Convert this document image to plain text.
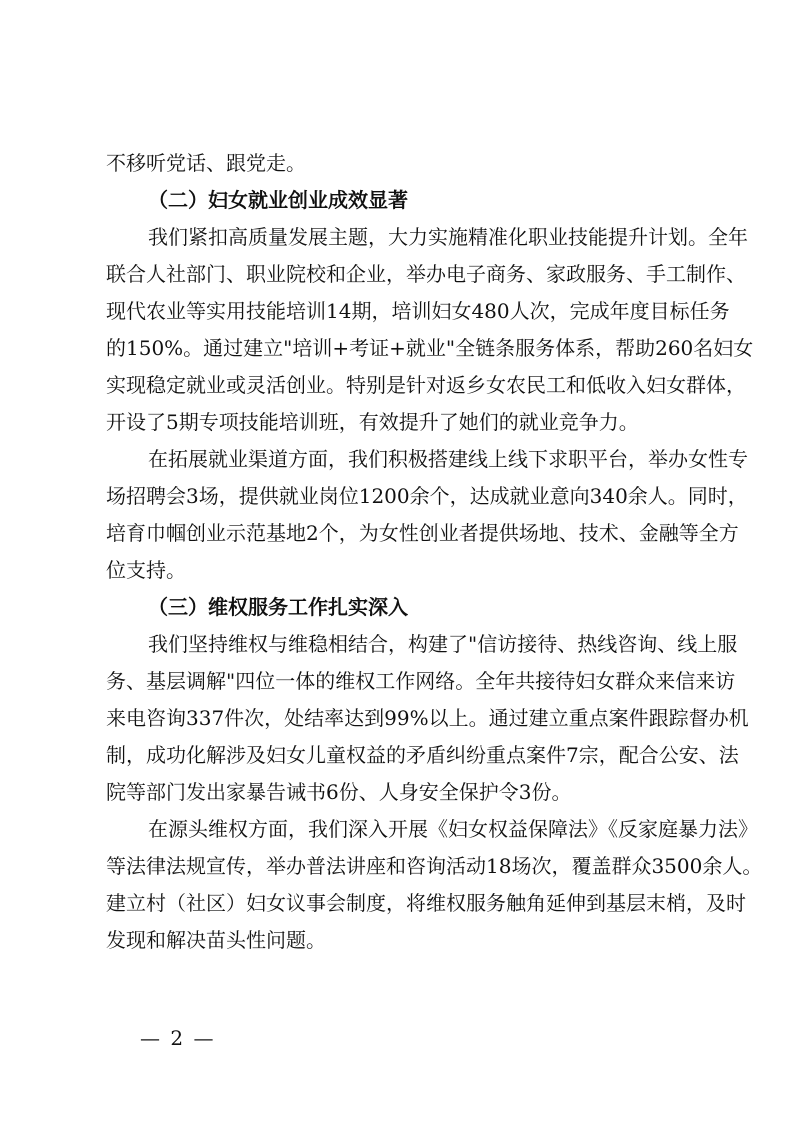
不移听党话、跟党走。
（二）妇女就业创业成效显著
我们紧扣高质量发展主题，大力实施精准化职业技能提升计划。全年
联合人社部门、职业院校和企业，举办电子商务、家政服务、手工制作、
现代农业等实用技能培训14期，培训妇女480人次，完成年度目标任务
的150%。通过建立"培训+考证+就业"全链条服务体系，帮助260名妇女
实现稳定就业或灵活创业。特别是针对返乡女农民工和低收入妇女群体，
开设了5期专项技能培训班，有效提升了她们的就业竞争力。
在拓展就业渠道方面，我们积极搭建线上线下求职平台，举办女性专
场招聘会3场，提供就业岗位1200余个，达成就业意向340余人。同时，
培育巾帼创业示范基地2个，为女性创业者提供场地、技术、金融等全方
位支持。
（三）维权服务工作扎实深入
我们坚持维权与维稳相结合，构建了"信访接待、热线咨询、线上服
务、基层调解"四位一体的维权工作网络。全年共接待妇女群众来信来访
来电咨询337件次，处结率达到99%以上。通过建立重点案件跟踪督办机
制，成功化解涉及妇女儿童权益的矛盾纠纷重点案件7宗，配合公安、法
院等部门发出家暴告诫书6份、人身安全保护令3份。
在源头维权方面，我们深入开展《妇女权益保障法》《反家庭暴力法》
等法律法规宣传，举办普法讲座和咨询活动18场次，覆盖群众3500余人。
建立村（社区）妇女议事会制度，将维权服务触角延伸到基层末梢，及时
发现和解决苗头性问题。
— 2 —
